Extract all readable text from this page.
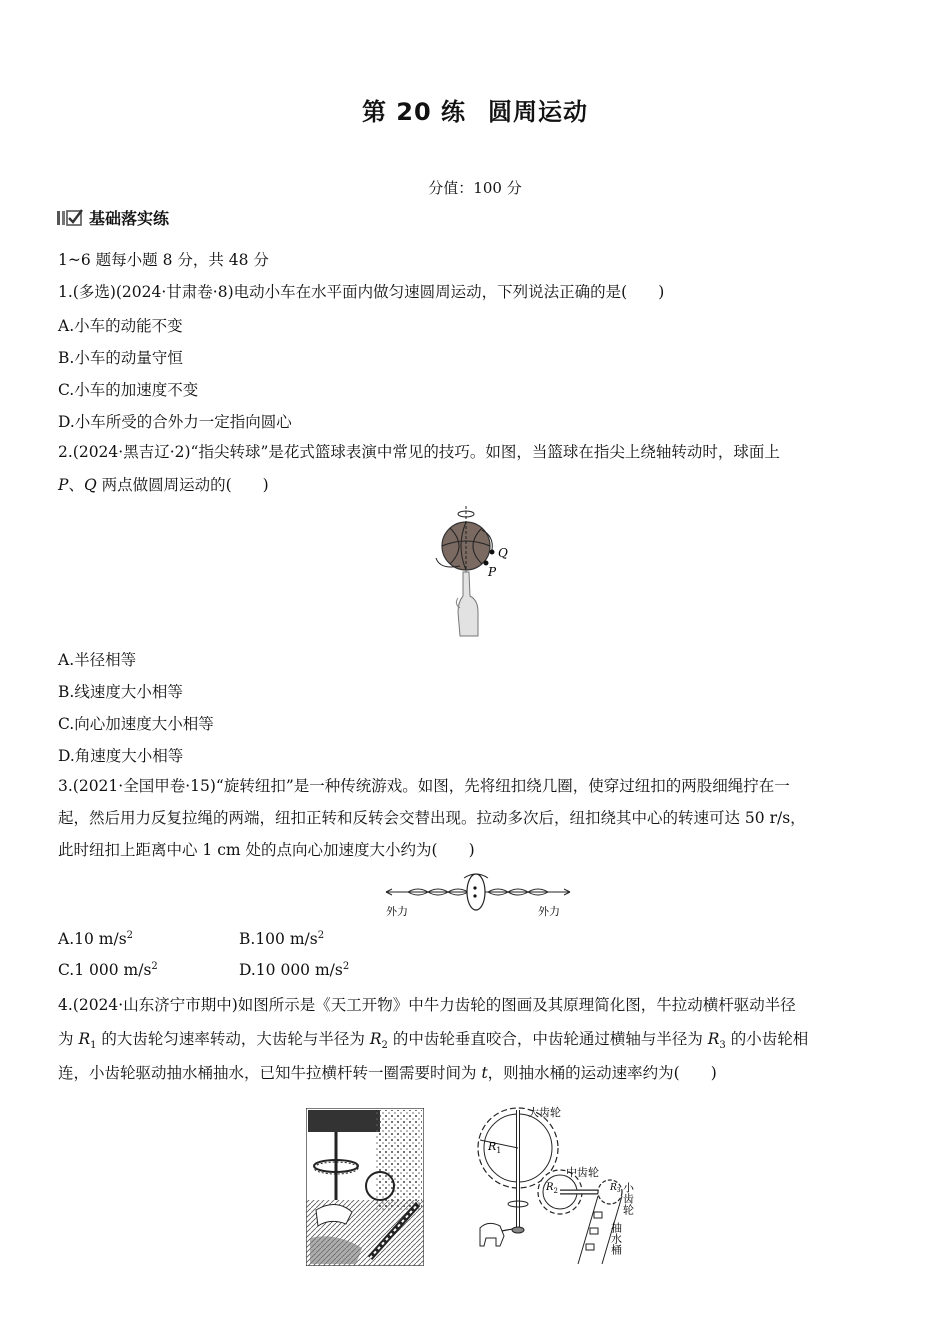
第 20 练 圆周运动
分值：100 分
基础落实练
1~6 题每小题 8 分，共 48 分
1.(多选)(2024·甘肃卷·8)电动小车在水平面内做匀速圆周运动，下列说法正确的是(　　)
A.小车的动能不变
B.小车的动量守恒
C.小车的加速度不变
D.小车所受的合外力一定指向圆心
2.(2024·黑吉辽·2)“指尖转球”是花式篮球表演中常见的技巧。如图，当篮球在指尖上绕轴转动时，球面上
P、Q 两点做圆周运动的(　　)
Q
P
A.半径相等
B.线速度大小相等
C.向心加速度大小相等
D.角速度大小相等
3.(2021·全国甲卷·15)“旋转纽扣”是一种传统游戏。如图，先将纽扣绕几圈，使穿过纽扣的两股细绳拧在一
起，然后用力反复拉绳的两端，纽扣正转和反转会交替出现。拉动多次后，纽扣绕其中心的转速可达 50 r/s，
此时纽扣上距离中心 1 cm 处的点向心加速度大小约为(　　)
外力	外力
A.10 $m/s^2$	B.100 $m/s^2$
C.1 000 $m/s^2$	D.10 000 $m/s^2$
4.(2024·山东济宁市期中)如图所示是《天工开物》中牛力齿轮的图画及其原理简化图，牛拉动横杆驱动半径
为 $R_1$ 的大齿轮匀速率转动，大齿轮与半径为 $R_2$ 的中齿轮垂直咬合，中齿轮通过横轴与半径为 $R_3$ 的小齿轮相
连，小齿轮驱动抽水桶抽水，已知牛拉横杆转一圈需要时间为 t，则抽水桶的运动速率约为(　　)
$R_1$
大齿轮
中齿轮
$R_2$	$R_3$ 小齿轮
抽水桶
